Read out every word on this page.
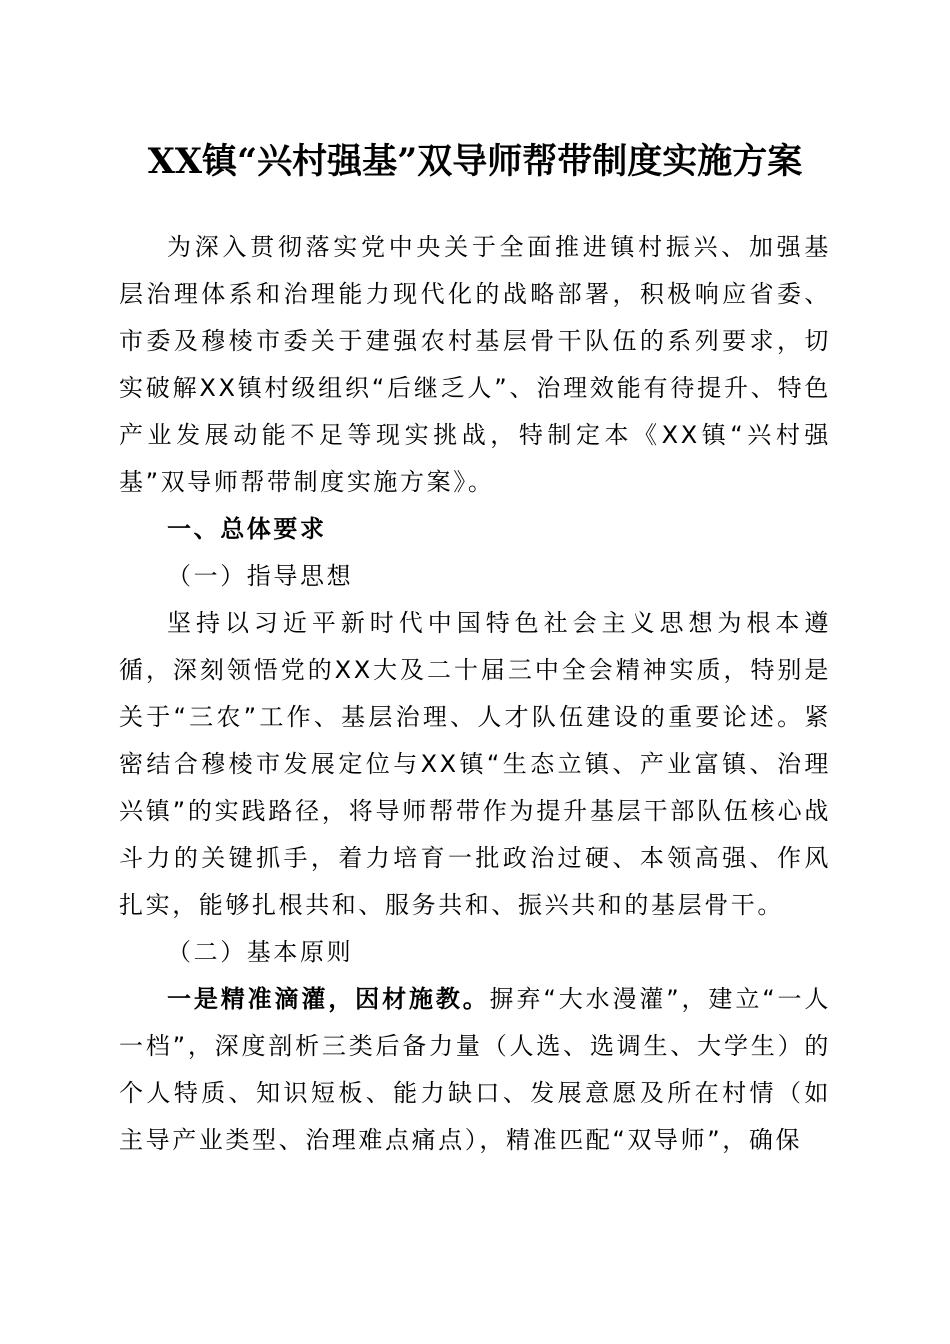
XX镇“兴村强基”双导师帮带制度实施方案

为深入贯彻落实党中央关于全面推进镇村振兴、加强基层治理体系和治理能力现代化的战略部署，积极响应省委、市委及穆棱市委关于建强农村基层骨干队伍的系列要求，切实破解XX镇村级组织“后继乏人”、治理效能有待提升、特色产业发展动能不足等现实挑战，特制定本《XX镇“兴村强基”双导师帮带制度实施方案》。

一、总体要求

（一）指导思想

坚持以习近平新时代中国特色社会主义思想为根本遵循，深刻领悟党的XX大及二十届三中全会精神实质，特别是关于“三农”工作、基层治理、人才队伍建设的重要论述。紧密结合穆棱市发展定位与XX镇“生态立镇、产业富镇、治理兴镇”的实践路径，将导师帮带作为提升基层干部队伍核心战斗力的关键抓手，着力培育一批政治过硬、本领高强、作风扎实，能够扎根共和、服务共和、振兴共和的基层骨干。

（二）基本原则

一是精准滴灌，因材施教。摒弃“大水漫灌”，建立“一人一档”，深度剖析三类后备力量（人选、选调生、大学生）的个人特质、知识短板、能力缺口、发展意愿及所在村情（如主导产业类型、治理难点痛点），精准匹配“双导师”，确保
